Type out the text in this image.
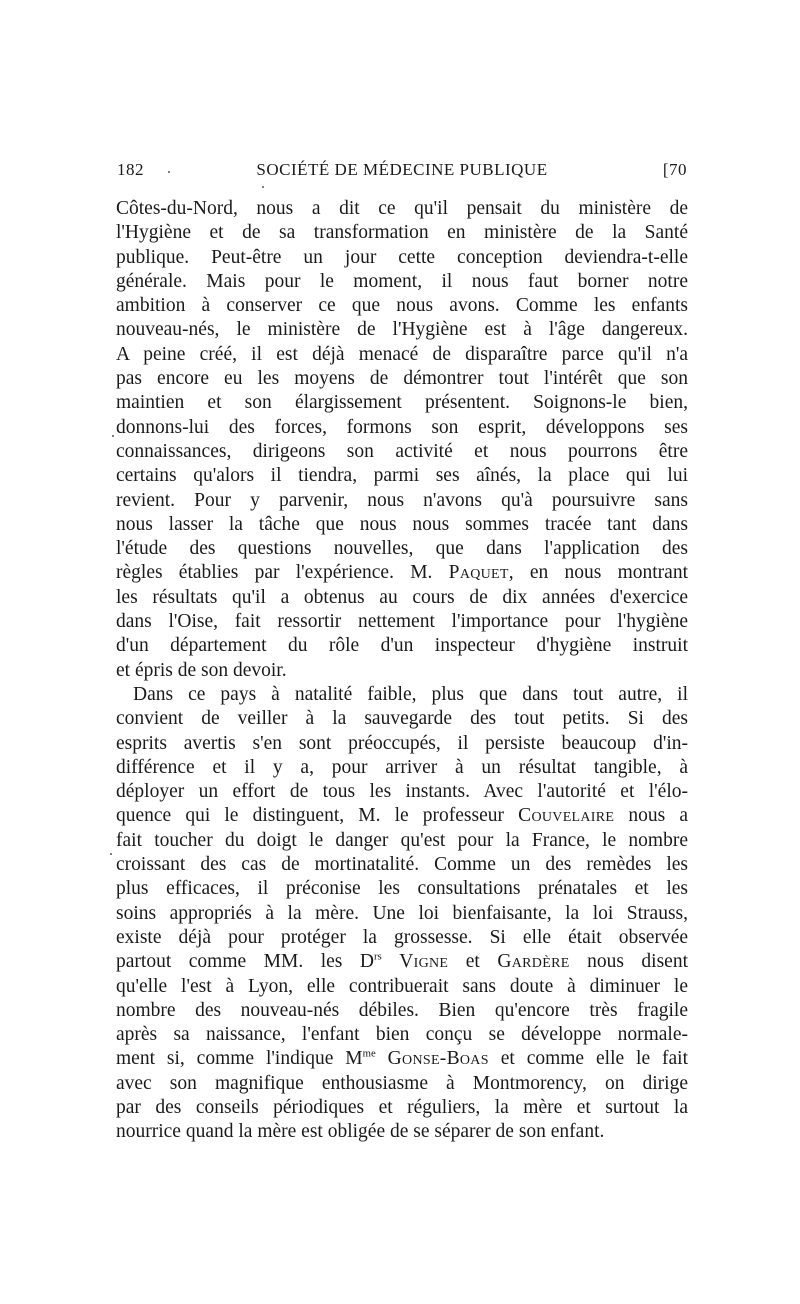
182	SOCIÉTÉ DE MÉDECINE PUBLIQUE	[70
Côtes-du-Nord, nous a dit ce qu'il pensait du ministère de
l'Hygiène et de sa transformation en ministère de la Santé
publique. Peut-être un jour cette conception deviendra-t-elle
générale. Mais pour le moment, il nous faut borner notre
ambition à conserver ce que nous avons. Comme les enfants
nouveau-nés, le ministère de l'Hygiène est à l'âge dangereux.
A peine créé, il est déjà menacé de disparaître parce qu'il n'a
pas encore eu les moyens de démontrer tout l'intérêt que son
maintien et son élargissement présentent. Soignons-le bien,
donnons-lui des forces, formons son esprit, développons ses
connaissances, dirigeons son activité et nous pourrons être
certains qu'alors il tiendra, parmi ses aînés, la place qui lui
revient. Pour y parvenir, nous n'avons qu'à poursuivre sans
nous lasser la tâche que nous nous sommes tracée tant dans
l'étude des questions nouvelles, que dans l'application des
règles établies par l'expérience. M. Paquet, en nous montrant
les résultats qu'il a obtenus au cours de dix années d'exercice
dans l'Oise, fait ressortir nettement l'importance pour l'hygiène
d'un département du rôle d'un inspecteur d'hygiène instruit
et épris de son devoir.
Dans ce pays à natalité faible, plus que dans tout autre, il
convient de veiller à la sauvegarde des tout petits. Si des
esprits avertis s'en sont préoccupés, il persiste beaucoup d'in-
différence et il y a, pour arriver à un résultat tangible, à
déployer un effort de tous les instants. Avec l'autorité et l'élo-
quence qui le distinguent, M. le professeur Couvelaire nous a
fait toucher du doigt le danger qu'est pour la France, le nombre
croissant des cas de mortinatalité. Comme un des remèdes les
plus efficaces, il préconise les consultations prénatales et les
soins appropriés à la mère. Une loi bienfaisante, la loi Strauss,
existe déjà pour protéger la grossesse. Si elle était observée
partout comme MM. les $D^{rs}$ Vigne et Gardère nous disent
qu'elle l'est à Lyon, elle contribuerait sans doute à diminuer le
nombre des nouveau-nés débiles. Bien qu'encore très fragile
après sa naissance, l'enfant bien conçu se développe normale-
ment si, comme l'indique $M^{me}$ Gonse-Boas et comme elle le fait
avec son magnifique enthousiasme à Montmorency, on dirige
par des conseils périodiques et réguliers, la mère et surtout la
nourrice quand la mère est obligée de se séparer de son enfant.
